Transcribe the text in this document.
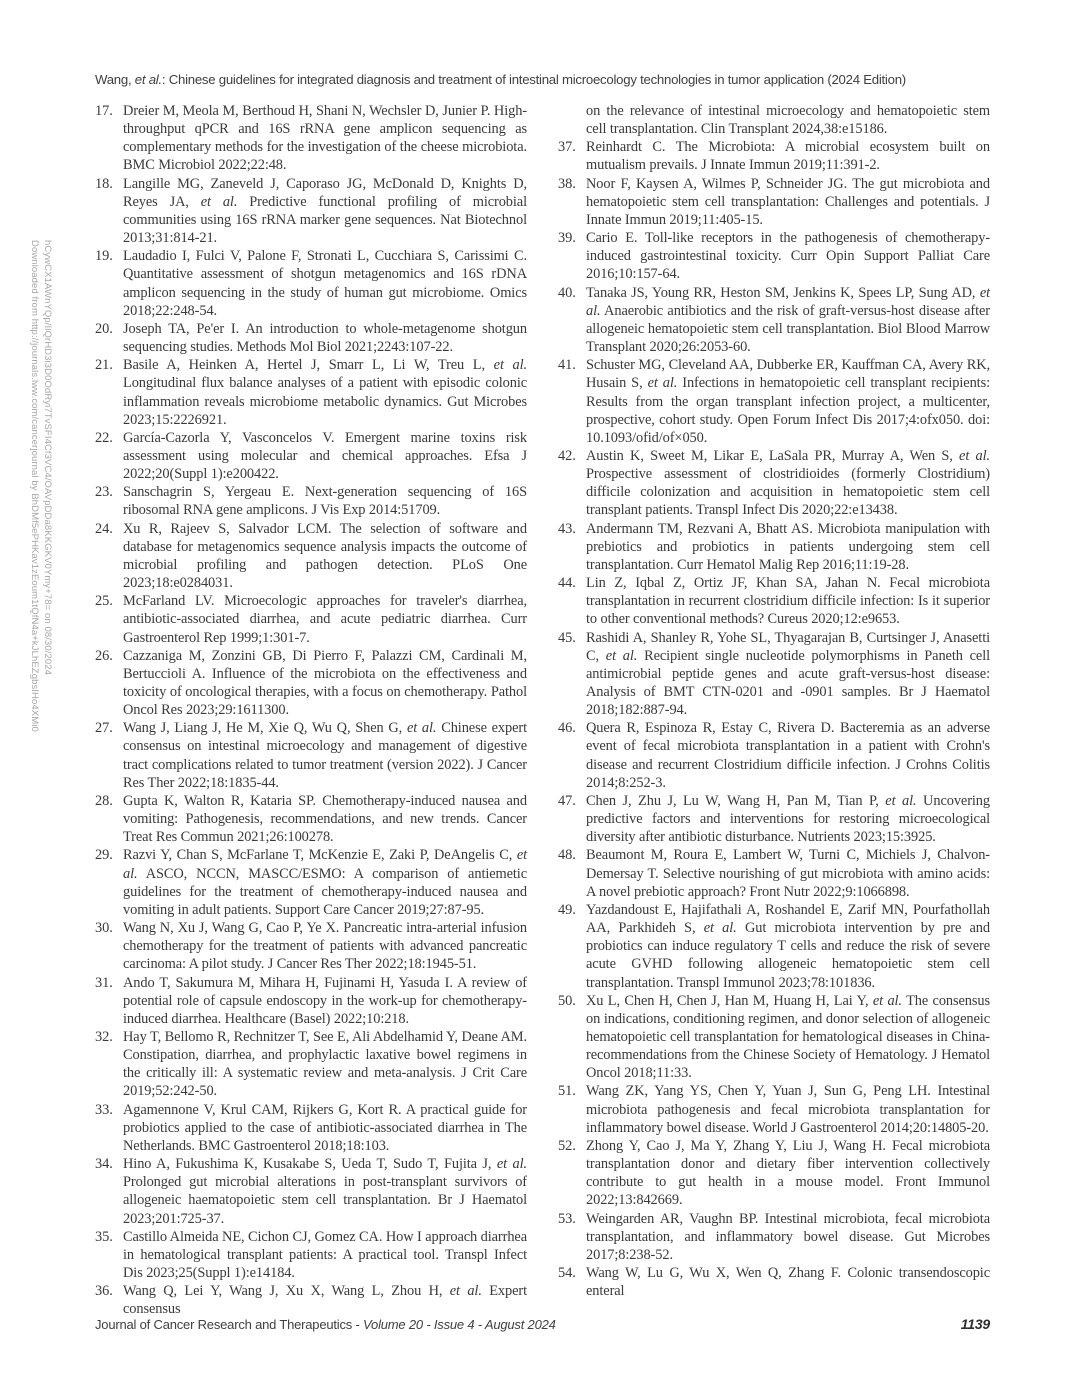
Downloaded from http://journals.lww.com/cancerjournal by BhDMf5ePHKav1zEoum1tQfN4a+kJLhEZgbsIHo4XMi0 hCywCX1AWnYQp/IlQrHD3i3D0OdRyi7TvSFI4Cf3VC4/OAVpDDa8KKGKV0Ymy+78= on 08/30/2024
Wang, et al.: Chinese guidelines for integrated diagnosis and treatment of intestinal microecology technologies in tumor application (2024 Edition)
17. Dreier M, Meola M, Berthoud H, Shani N, Wechsler D, Junier P. High-throughput qPCR and 16S rRNA gene amplicon sequencing as complementary methods for the investigation of the cheese microbiota. BMC Microbiol 2022;22:48.
18. Langille MG, Zaneveld J, Caporaso JG, McDonald D, Knights D, Reyes JA, et al. Predictive functional profiling of microbial communities using 16S rRNA marker gene sequences. Nat Biotechnol 2013;31:814-21.
19. Laudadio I, Fulci V, Palone F, Stronati L, Cucchiara S, Carissimi C. Quantitative assessment of shotgun metagenomics and 16S rDNA amplicon sequencing in the study of human gut microbiome. Omics 2018;22:248-54.
20. Joseph TA, Pe'er I. An introduction to whole-metagenome shotgun sequencing studies. Methods Mol Biol 2021;2243:107-22.
21. Basile A, Heinken A, Hertel J, Smarr L, Li W, Treu L, et al. Longitudinal flux balance analyses of a patient with episodic colonic inflammation reveals microbiome metabolic dynamics. Gut Microbes 2023;15:2226921.
22. García-Cazorla Y, Vasconcelos V. Emergent marine toxins risk assessment using molecular and chemical approaches. Efsa J 2022;20(Suppl 1):e200422.
23. Sanschagrin S, Yergeau E. Next-generation sequencing of 16S ribosomal RNA gene amplicons. J Vis Exp 2014:51709.
24. Xu R, Rajeev S, Salvador LCM. The selection of software and database for metagenomics sequence analysis impacts the outcome of microbial profiling and pathogen detection. PLoS One 2023;18:e0284031.
25. McFarland LV. Microecologic approaches for traveler's diarrhea, antibiotic-associated diarrhea, and acute pediatric diarrhea. Curr Gastroenterol Rep 1999;1:301-7.
26. Cazzaniga M, Zonzini GB, Di Pierro F, Palazzi CM, Cardinali M, Bertuccioli A. Influence of the microbiota on the effectiveness and toxicity of oncological therapies, with a focus on chemotherapy. Pathol Oncol Res 2023;29:1611300.
27. Wang J, Liang J, He M, Xie Q, Wu Q, Shen G, et al. Chinese expert consensus on intestinal microecology and management of digestive tract complications related to tumor treatment (version 2022). J Cancer Res Ther 2022;18:1835-44.
28. Gupta K, Walton R, Kataria SP. Chemotherapy-induced nausea and vomiting: Pathogenesis, recommendations, and new trends. Cancer Treat Res Commun 2021;26:100278.
29. Razvi Y, Chan S, McFarlane T, McKenzie E, Zaki P, DeAngelis C, et al. ASCO, NCCN, MASCC/ESMO: A comparison of antiemetic guidelines for the treatment of chemotherapy-induced nausea and vomiting in adult patients. Support Care Cancer 2019;27:87-95.
30. Wang N, Xu J, Wang G, Cao P, Ye X. Pancreatic intra-arterial infusion chemotherapy for the treatment of patients with advanced pancreatic carcinoma: A pilot study. J Cancer Res Ther 2022;18:1945-51.
31. Ando T, Sakumura M, Mihara H, Fujinami H, Yasuda I. A review of potential role of capsule endoscopy in the work-up for chemotherapy-induced diarrhea. Healthcare (Basel) 2022;10:218.
32. Hay T, Bellomo R, Rechnitzer T, See E, Ali Abdelhamid Y, Deane AM. Constipation, diarrhea, and prophylactic laxative bowel regimens in the critically ill: A systematic review and meta-analysis. J Crit Care 2019;52:242-50.
33. Agamennone V, Krul CAM, Rijkers G, Kort R. A practical guide for probiotics applied to the case of antibiotic-associated diarrhea in The Netherlands. BMC Gastroenterol 2018;18:103.
34. Hino A, Fukushima K, Kusakabe S, Ueda T, Sudo T, Fujita J, et al. Prolonged gut microbial alterations in post-transplant survivors of allogeneic haematopoietic stem cell transplantation. Br J Haematol 2023;201:725-37.
35. Castillo Almeida NE, Cichon CJ, Gomez CA. How I approach diarrhea in hematological transplant patients: A practical tool. Transpl Infect Dis 2023;25(Suppl 1):e14184.
36. Wang Q, Lei Y, Wang J, Xu X, Wang L, Zhou H, et al. Expert consensus
on the relevance of intestinal microecology and hematopoietic stem cell transplantation. Clin Transplant 2024,38:e15186.
37. Reinhardt C. The Microbiota: A microbial ecosystem built on mutualism prevails. J Innate Immun 2019;11:391-2.
38. Noor F, Kaysen A, Wilmes P, Schneider JG. The gut microbiota and hematopoietic stem cell transplantation: Challenges and potentials. J Innate Immun 2019;11:405-15.
39. Cario E. Toll-like receptors in the pathogenesis of chemotherapy-induced gastrointestinal toxicity. Curr Opin Support Palliat Care 2016;10:157-64.
40. Tanaka JS, Young RR, Heston SM, Jenkins K, Spees LP, Sung AD, et al. Anaerobic antibiotics and the risk of graft-versus-host disease after allogeneic hematopoietic stem cell transplantation. Biol Blood Marrow Transplant 2020;26:2053-60.
41. Schuster MG, Cleveland AA, Dubberke ER, Kauffman CA, Avery RK, Husain S, et al. Infections in hematopoietic cell transplant recipients: Results from the organ transplant infection project, a multicenter, prospective, cohort study. Open Forum Infect Dis 2017;4:ofx050. doi: 10.1093/ofid/of×050.
42. Austin K, Sweet M, Likar E, LaSala PR, Murray A, Wen S, et al. Prospective assessment of clostridioides (formerly Clostridium) difficile colonization and acquisition in hematopoietic stem cell transplant patients. Transpl Infect Dis 2020;22:e13438.
43. Andermann TM, Rezvani A, Bhatt AS. Microbiota manipulation with prebiotics and probiotics in patients undergoing stem cell transplantation. Curr Hematol Malig Rep 2016;11:19-28.
44. Lin Z, Iqbal Z, Ortiz JF, Khan SA, Jahan N. Fecal microbiota transplantation in recurrent clostridium difficile infection: Is it superior to other conventional methods? Cureus 2020;12:e9653.
45. Rashidi A, Shanley R, Yohe SL, Thyagarajan B, Curtsinger J, Anasetti C, et al. Recipient single nucleotide polymorphisms in Paneth cell antimicrobial peptide genes and acute graft-versus-host disease: Analysis of BMT CTN-0201 and -0901 samples. Br J Haematol 2018;182:887-94.
46. Quera R, Espinoza R, Estay C, Rivera D. Bacteremia as an adverse event of fecal microbiota transplantation in a patient with Crohn's disease and recurrent Clostridium difficile infection. J Crohns Colitis 2014;8:252-3.
47. Chen J, Zhu J, Lu W, Wang H, Pan M, Tian P, et al. Uncovering predictive factors and interventions for restoring microecological diversity after antibiotic disturbance. Nutrients 2023;15:3925.
48. Beaumont M, Roura E, Lambert W, Turni C, Michiels J, Chalvon-Demersay T. Selective nourishing of gut microbiota with amino acids: A novel prebiotic approach? Front Nutr 2022;9:1066898.
49. Yazdandoust E, Hajifathali A, Roshandel E, Zarif MN, Pourfathollah AA, Parkhideh S, et al. Gut microbiota intervention by pre and probiotics can induce regulatory T cells and reduce the risk of severe acute GVHD following allogeneic hematopoietic stem cell transplantation. Transpl Immunol 2023;78:101836.
50. Xu L, Chen H, Chen J, Han M, Huang H, Lai Y, et al. The consensus on indications, conditioning regimen, and donor selection of allogeneic hematopoietic cell transplantation for hematological diseases in China-recommendations from the Chinese Society of Hematology. J Hematol Oncol 2018;11:33.
51. Wang ZK, Yang YS, Chen Y, Yuan J, Sun G, Peng LH. Intestinal microbiota pathogenesis and fecal microbiota transplantation for inflammatory bowel disease. World J Gastroenterol 2014;20:14805-20.
52. Zhong Y, Cao J, Ma Y, Zhang Y, Liu J, Wang H. Fecal microbiota transplantation donor and dietary fiber intervention collectively contribute to gut health in a mouse model. Front Immunol 2022;13:842669.
53. Weingarden AR, Vaughn BP. Intestinal microbiota, fecal microbiota transplantation, and inflammatory bowel disease. Gut Microbes 2017;8:238-52.
54. Wang W, Lu G, Wu X, Wen Q, Zhang F. Colonic transendoscopic enteral
Journal of Cancer Research and Therapeutics - Volume 20 - Issue 4 - August 2024	1139
